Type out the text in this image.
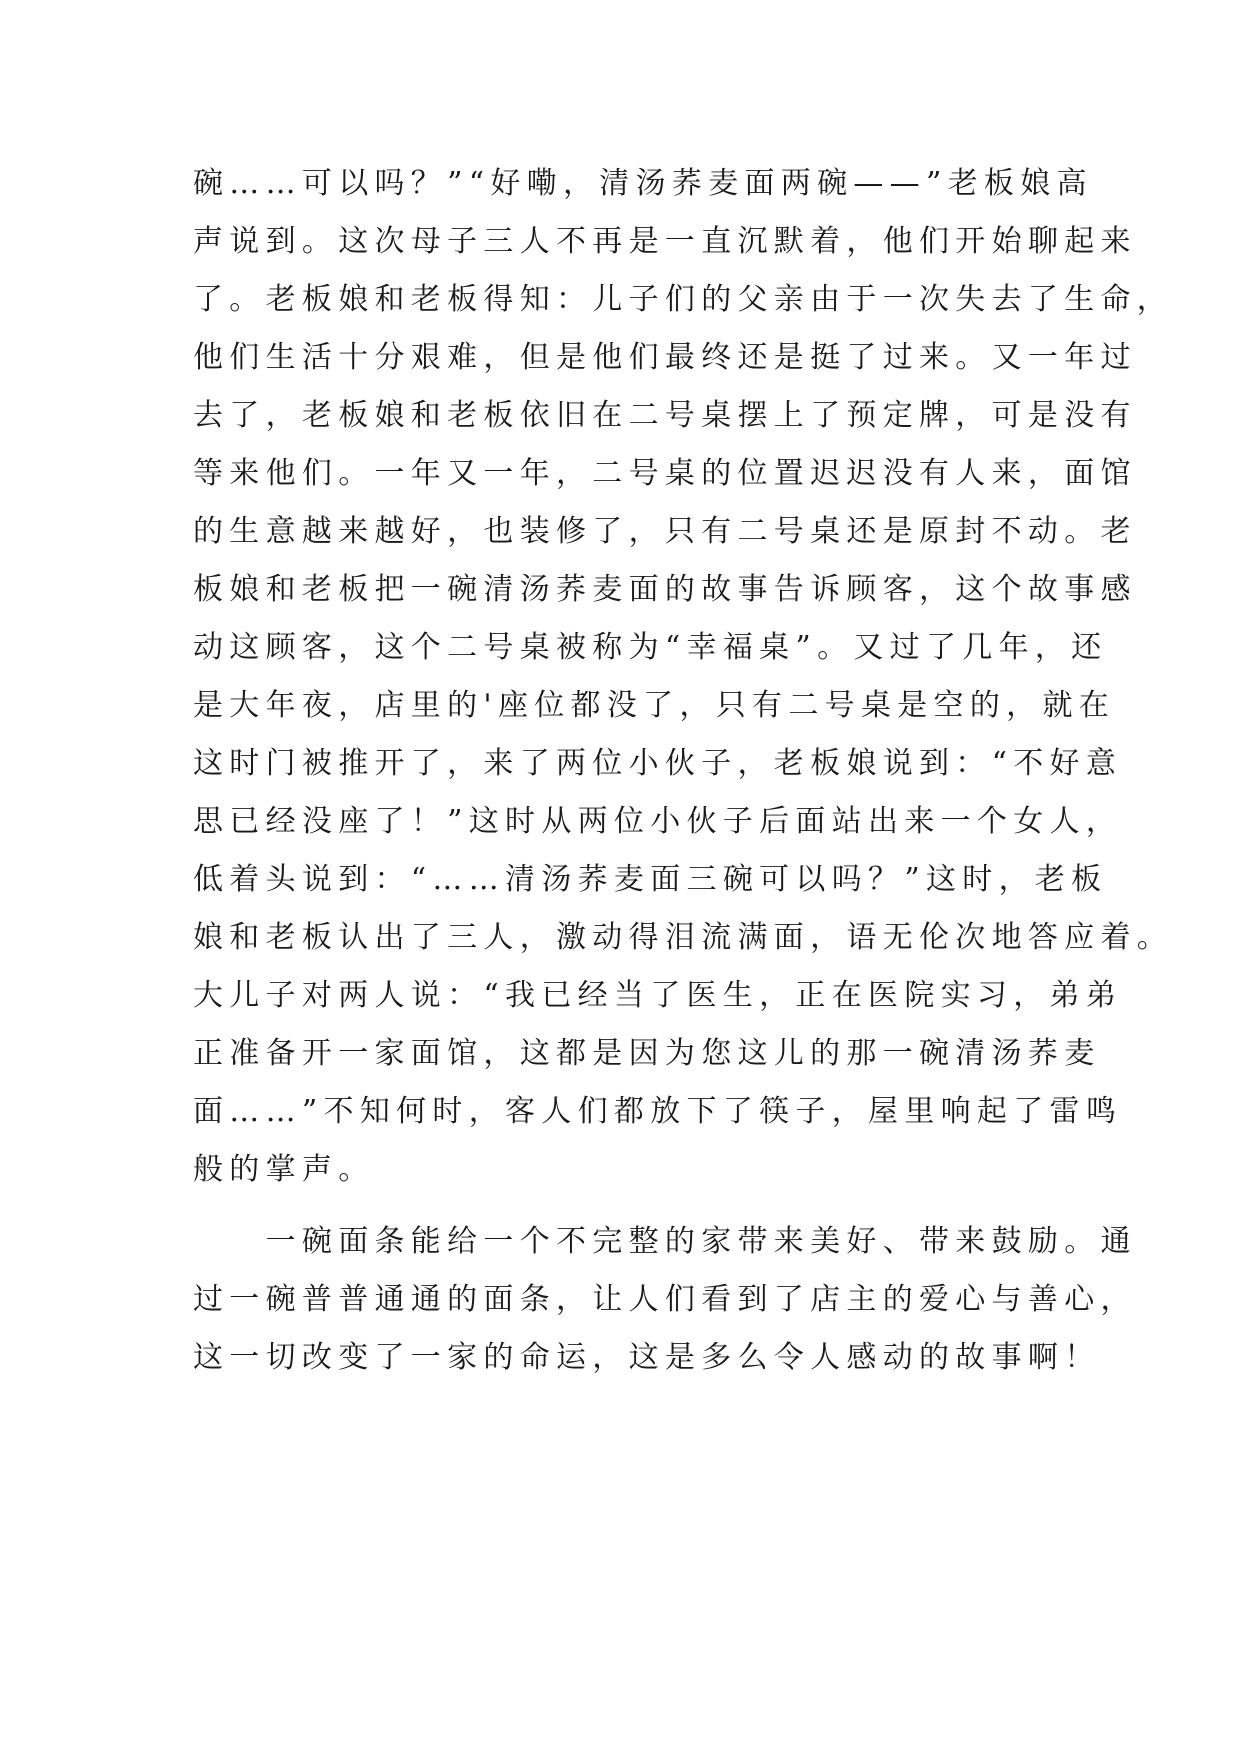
碗……可以吗？”“好嘞，清汤荞麦面两碗——”老板娘高
声说到。这次母子三人不再是一直沉默着，他们开始聊起来
了。老板娘和老板得知：儿子们的父亲由于一次失去了生命，
他们生活十分艰难，但是他们最终还是挺了过来。又一年过
去了，老板娘和老板依旧在二号桌摆上了预定牌，可是没有
等来他们。一年又一年，二号桌的位置迟迟没有人来，面馆
的生意越来越好，也装修了，只有二号桌还是原封不动。老
板娘和老板把一碗清汤荞麦面的故事告诉顾客，这个故事感
动这顾客，这个二号桌被称为“幸福桌”。又过了几年，还
是大年夜，店里的'座位都没了，只有二号桌是空的，就在
这时门被推开了，来了两位小伙子，老板娘说到：“不好意
思已经没座了！”这时从两位小伙子后面站出来一个女人，
低着头说到：“……清汤荞麦面三碗可以吗？”这时，老板
娘和老板认出了三人，激动得泪流满面，语无伦次地答应着。
大儿子对两人说：“我已经当了医生，正在医院实习，弟弟
正准备开一家面馆，这都是因为您这儿的那一碗清汤荞麦
面……”不知何时，客人们都放下了筷子，屋里响起了雷鸣
般的掌声。
　　一碗面条能给一个不完整的家带来美好、带来鼓励。通
过一碗普普通通的面条，让人们看到了店主的爱心与善心，
这一切改变了一家的命运，这是多么令人感动的故事啊！
